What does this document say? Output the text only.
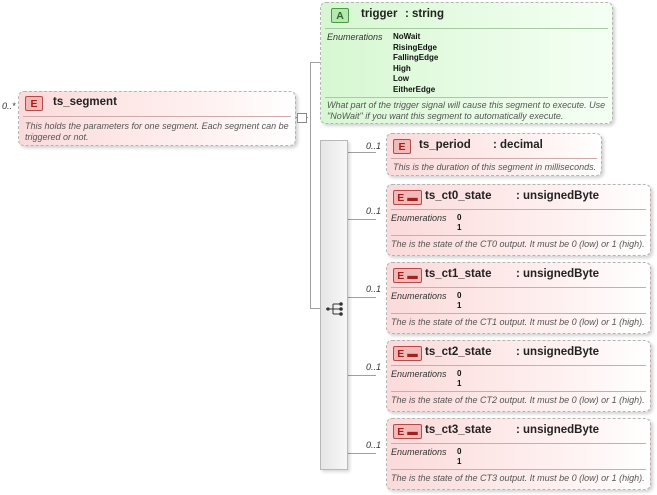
0..*	E	ts_segment
This holds the parameters for one segment. Each segment can be triggered or not.
A	trigger : string
Enumerations NoWait
RisingEdge
FallingEdge
High
Low
EitherEdge
What part of the trigger signal will cause this segment to execute. Use "NoWait" if you want this segment to automatically execute.
0..1	E	ts_period	: decimal
This is the duration of this segment in milliseconds.
0..1
E ▬ ts_ct0_state	: unsignedByte
Enumerations 0
1
The is the state of the CT0 output. It must be 0 (low) or 1 (high).
0..1
E ▬ ts_ct1_state	: unsignedByte
Enumerations 0
1
The is the state of the CT1 output. It must be 0 (low) or 1 (high).
0..1
E ▬ ts_ct2_state	: unsignedByte
Enumerations 0
1
The is the state of the CT2 output. It must be 0 (low) or 1 (high).
0..1
E ▬ ts_ct3_state	: unsignedByte
Enumerations 0
1
The is the state of the CT3 output. It must be 0 (low) or 1 (high).
